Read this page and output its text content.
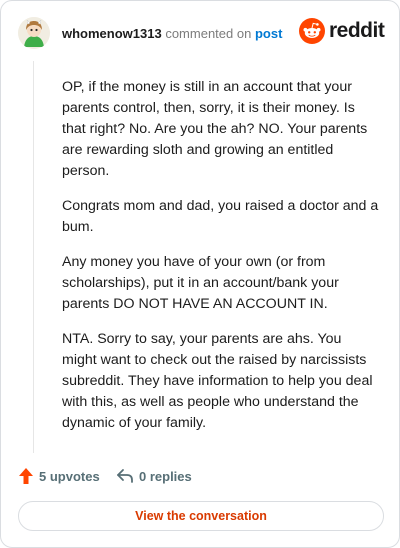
whomenow1313 commented on post reddit

OP, if the money is still in an account that your parents control, then, sorry, it is their money. Is that right? No. Are you the ah? NO. Your parents are rewarding sloth and growing an entitled person.

Congrats mom and dad, you raised a doctor and a bum.

Any money you have of your own (or from scholarships), put it in an account/bank your parents DO NOT HAVE AN ACCOUNT IN.

NTA. Sorry to say, your parents are ahs. You might want to check out the raised by narcissists subreddit. They have information to help you deal with this, as well as people who understand the dynamic of your family.

5 upvotes	0 replies
View the conversation
